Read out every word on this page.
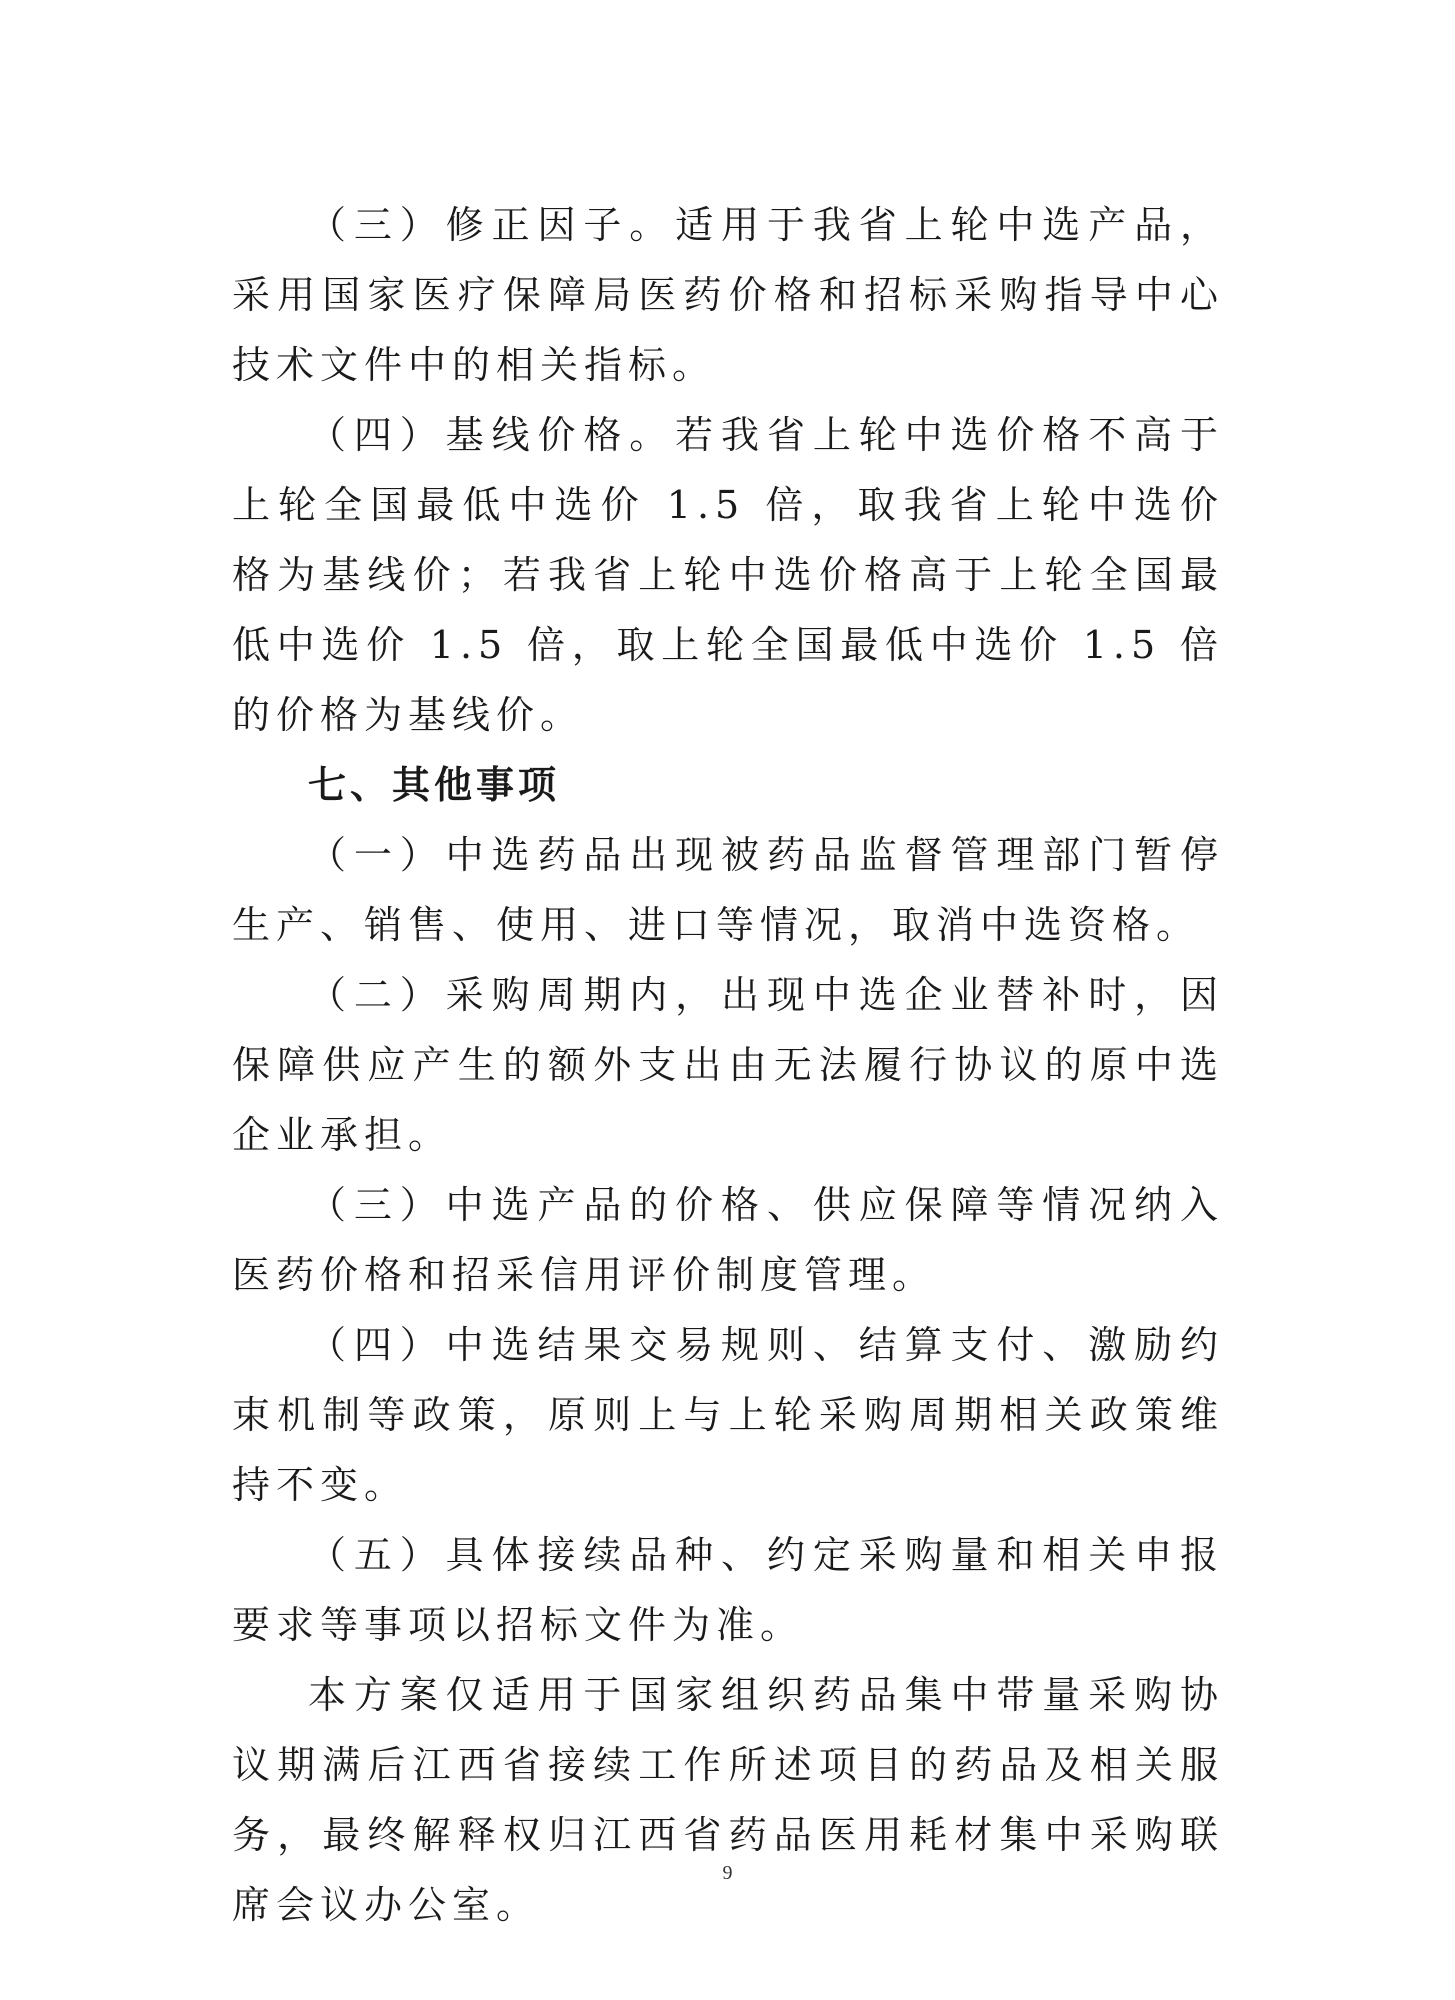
（三）修正因子。适用于我省上轮中选产品，采用国家医疗保障局医药价格和招标采购指导中心技术文件中的相关指标。

（四）基线价格。若我省上轮中选价格不高于上轮全国最低中选价 1.5 倍，取我省上轮中选价格为基线价；若我省上轮中选价格高于上轮全国最低中选价 1.5 倍，取上轮全国最低中选价 1.5 倍的价格为基线价。

七、其他事项

（一）中选药品出现被药品监督管理部门暂停生产、销售、使用、进口等情况，取消中选资格。

（二）采购周期内，出现中选企业替补时，因保障供应产生的额外支出由无法履行协议的原中选企业承担。

（三）中选产品的价格、供应保障等情况纳入医药价格和招采信用评价制度管理。

（四）中选结果交易规则、结算支付、激励约束机制等政策，原则上与上轮采购周期相关政策维持不变。

（五）具体接续品种、约定采购量和相关申报要求等事项以招标文件为准。

本方案仅适用于国家组织药品集中带量采购协议期满后江西省接续工作所述项目的药品及相关服务，最终解释权归江西省药品医用耗材集中采购联席会议办公室。

9
